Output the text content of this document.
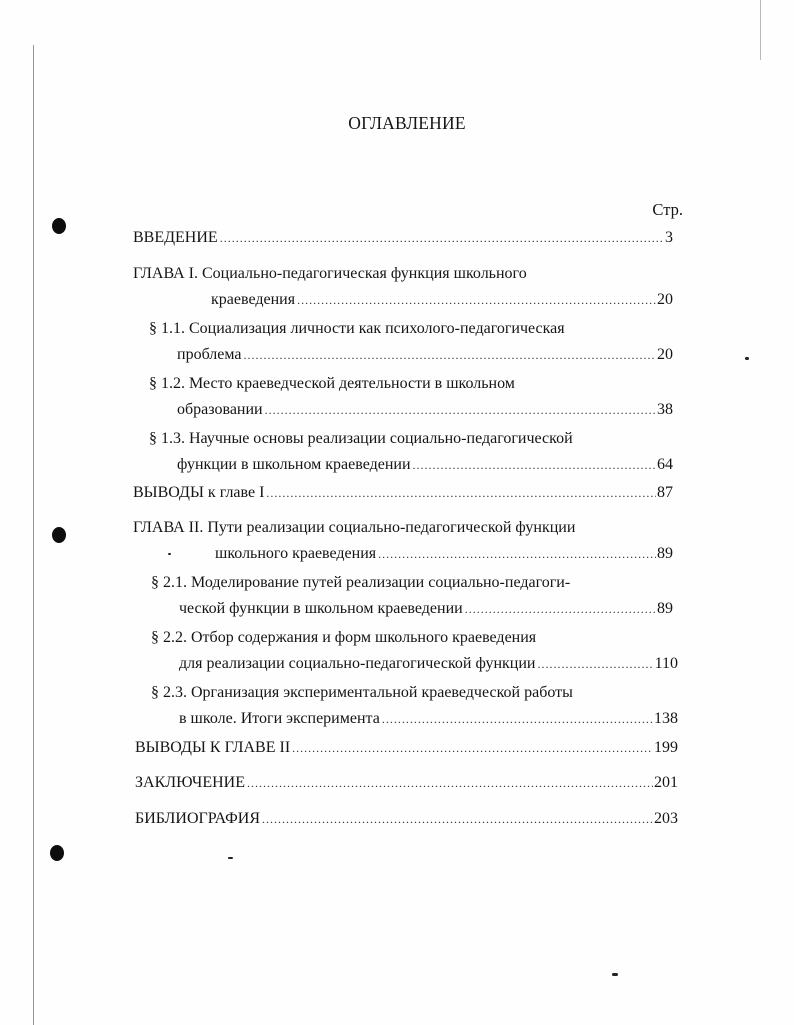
ОГЛАВЛЕНИЕ
Стр.
ВВЕДЕНИЕ .....	3
ГЛАВА I. Социально-педагогическая функция школьного
краеведения .....	20
§ 1.1. Социализация личности как психолого-педагогическая
проблема .....	20
§ 1.2. Место краеведческой деятельности в школьном
образовании .....	38
§ 1.3. Научные основы реализации социально-педагогической
функции в школьном краеведении .....	64
ВЫВОДЫ к главе I .....	87
ГЛАВА II. Пути реализации социально-педагогической функции
школьного краеведения .....	89
§ 2.1. Моделирование путей реализации социально-педагоги-
ческой функции в школьном краеведении .....	89
§ 2.2. Отбор содержания и форм школьного краеведения
для реализации социально-педагогической функции .....	110
§ 2.3. Организация экспериментальной краеведческой работы
в школе. Итоги эксперимента .....	138
ВЫВОДЫ К ГЛАВЕ II .....	199
ЗАКЛЮЧЕНИЕ .....	201
БИБЛИОГРАФИЯ .....	203
